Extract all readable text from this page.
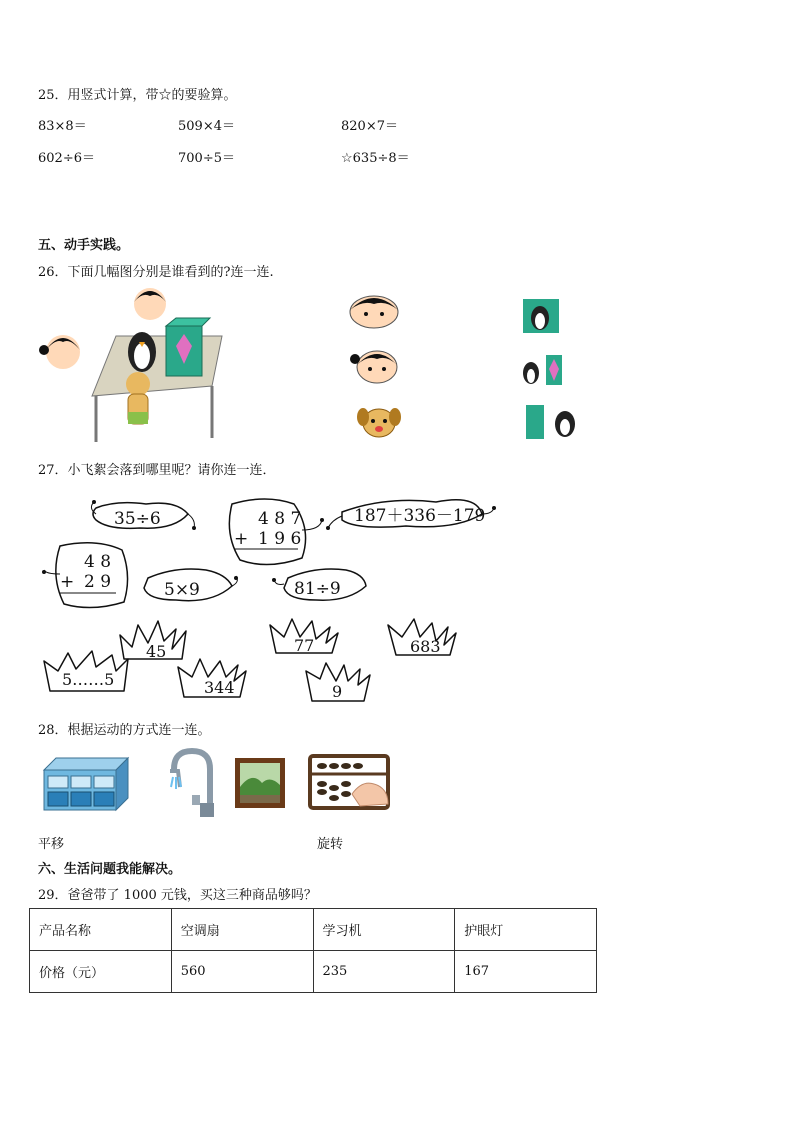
25．用竖式计算，带☆的要验算。
83×8＝	509×4＝	820×7＝
602÷6＝	700÷5＝	☆635÷8＝
五、动手实践。
26．下面几幅图分别是谁看到的?连一连.
27．小飞絮会落到哪里呢？请你连一连．
35÷6	4 8 7
+ 1 9 6
187＋336－179
4 8
+ 2 9	5×9	81÷9
45	77	683
5……5	344	9
28．根据运动的方式连一连。
平移	旋转
六、生活问题我能解决。
29．爸爸带了 1000 元钱，买这三种商品够吗？
产品名称	空调扇	学习机	护眼灯
价格（元）	560	235	167
